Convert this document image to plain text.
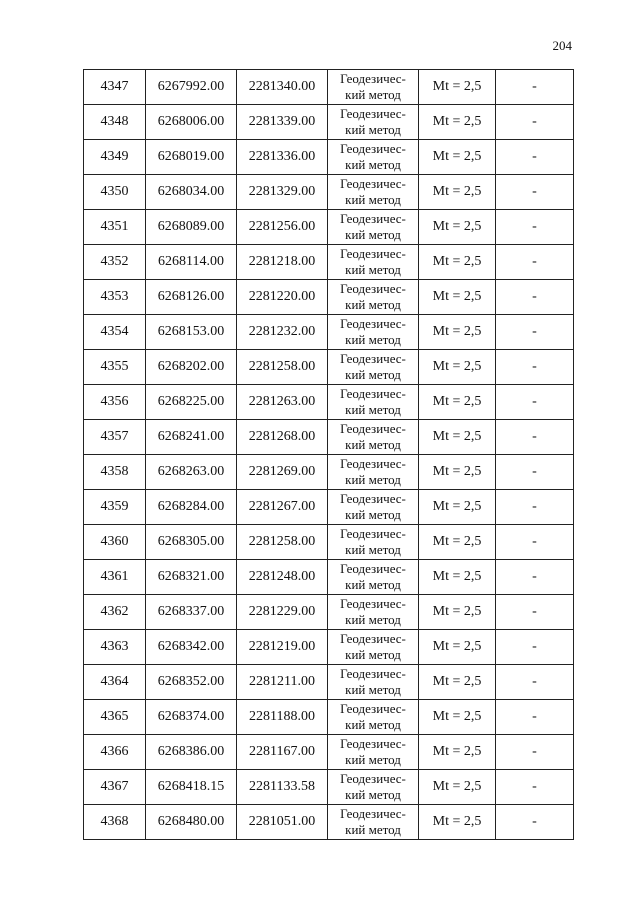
204
4347	6267992.00	2281340.00	Геодезичес-
кий метод	Mt = 2,5	-
4348	6268006.00	2281339.00	Геодезичес-
кий метод	Mt = 2,5	-
4349	6268019.00	2281336.00	Геодезичес-
кий метод	Mt = 2,5	-
4350	6268034.00	2281329.00	Геодезичес-
кий метод	Mt = 2,5	-
4351	6268089.00	2281256.00	Геодезичес-
кий метод	Mt = 2,5	-
4352	6268114.00	2281218.00	Геодезичес-
кий метод	Mt = 2,5	-
4353	6268126.00	2281220.00	Геодезичес-
кий метод	Mt = 2,5	-
4354	6268153.00	2281232.00	Геодезичес-
кий метод	Mt = 2,5	-
4355	6268202.00	2281258.00	Геодезичес-
кий метод	Mt = 2,5	-
4356	6268225.00	2281263.00	Геодезичес-
кий метод	Mt = 2,5	-
4357	6268241.00	2281268.00	Геодезичес-
кий метод	Mt = 2,5	-
4358	6268263.00	2281269.00	Геодезичес-
кий метод	Mt = 2,5	-
4359	6268284.00	2281267.00	Геодезичес-
кий метод	Mt = 2,5	-
4360	6268305.00	2281258.00	Геодезичес-
кий метод	Mt = 2,5	-
4361	6268321.00	2281248.00	Геодезичес-
кий метод	Mt = 2,5	-
4362	6268337.00	2281229.00	Геодезичес-
кий метод	Mt = 2,5	-
4363	6268342.00	2281219.00	Геодезичес-
кий метод	Mt = 2,5	-
4364	6268352.00	2281211.00	Геодезичес-
кий метод	Mt = 2,5	-
4365	6268374.00	2281188.00	Геодезичес-
кий метод	Mt = 2,5	-
4366	6268386.00	2281167.00	Геодезичес-
кий метод	Mt = 2,5	-
4367	6268418.15	2281133.58	Геодезичес-
кий метод	Mt = 2,5	-
4368	6268480.00	2281051.00	Геодезичес-
кий метод	Mt = 2,5	-
